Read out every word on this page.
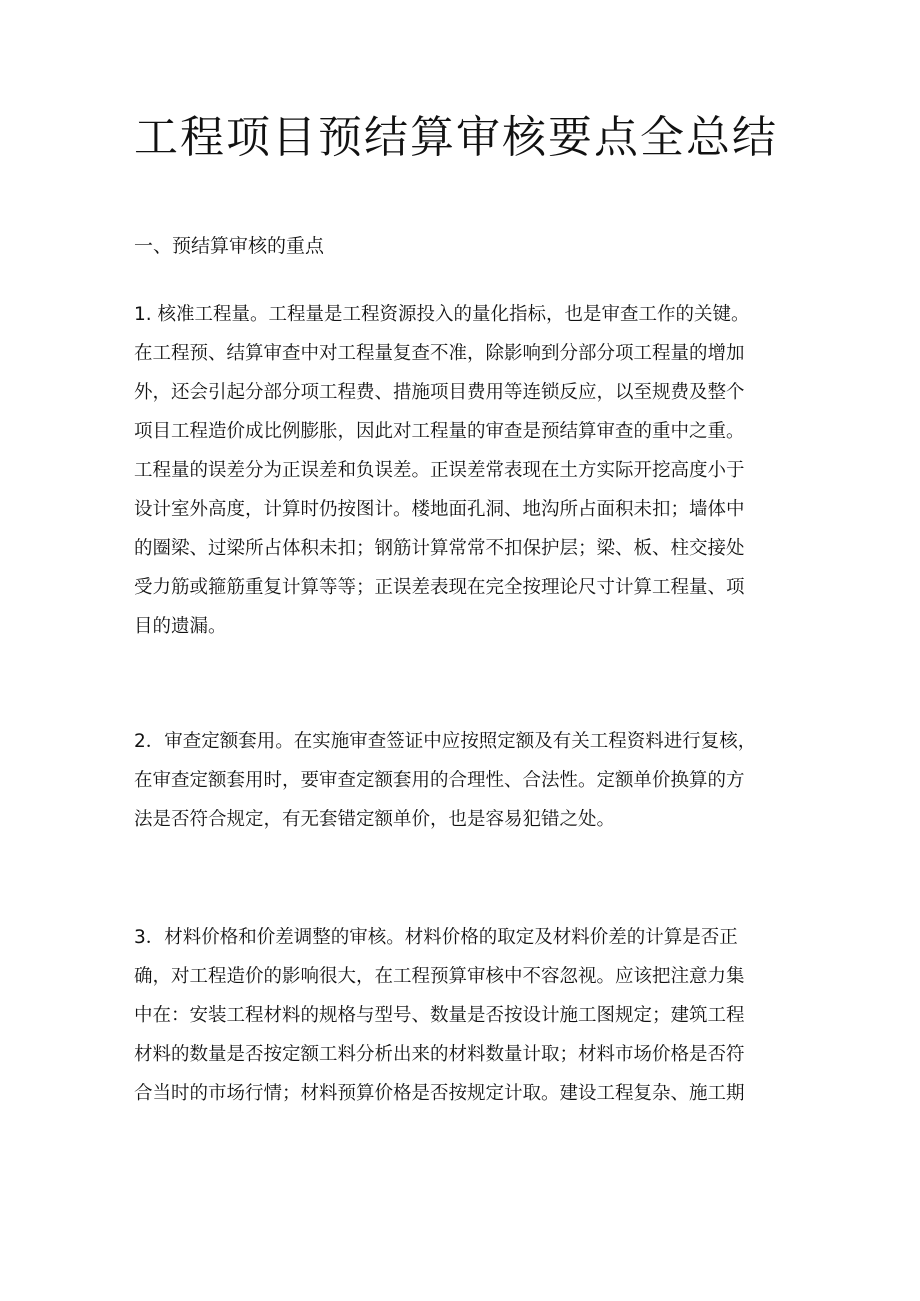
工程项目预结算审核要点全总结
一、预结算审核的重点
1. 核准工程量。工程量是工程资源投入的量化指标，也是审查工作的关键。
在工程预、结算审查中对工程量复查不准，除影响到分部分项工程量的增加
外，还会引起分部分项工程费、措施项目费用等连锁反应，以至规费及整个
项目工程造价成比例膨胀，因此对工程量的审查是预结算审查的重中之重。
工程量的误差分为正误差和负误差。正误差常表现在土方实际开挖高度小于
设计室外高度，计算时仍按图计。楼地面孔洞、地沟所占面积未扣；墙体中
的圈梁、过梁所占体积未扣；钢筋计算常常不扣保护层；梁、板、柱交接处
受力筋或箍筋重复计算等等；正误差表现在完全按理论尺寸计算工程量、项
目的遗漏。
2．审查定额套用。在实施审查签证中应按照定额及有关工程资料进行复核，
在审查定额套用时，要审查定额套用的合理性、合法性。定额单价换算的方
法是否符合规定，有无套错定额单价，也是容易犯错之处。
3．材料价格和价差调整的审核。材料价格的取定及材料价差的计算是否正
确，对工程造价的影响很大，在工程预算审核中不容忽视。应该把注意力集
中在：安装工程材料的规格与型号、数量是否按设计施工图规定；建筑工程
材料的数量是否按定额工料分析出来的材料数量计取；材料市场价格是否符
合当时的市场行情；材料预算价格是否按规定计取。建设工程复杂、施工期
